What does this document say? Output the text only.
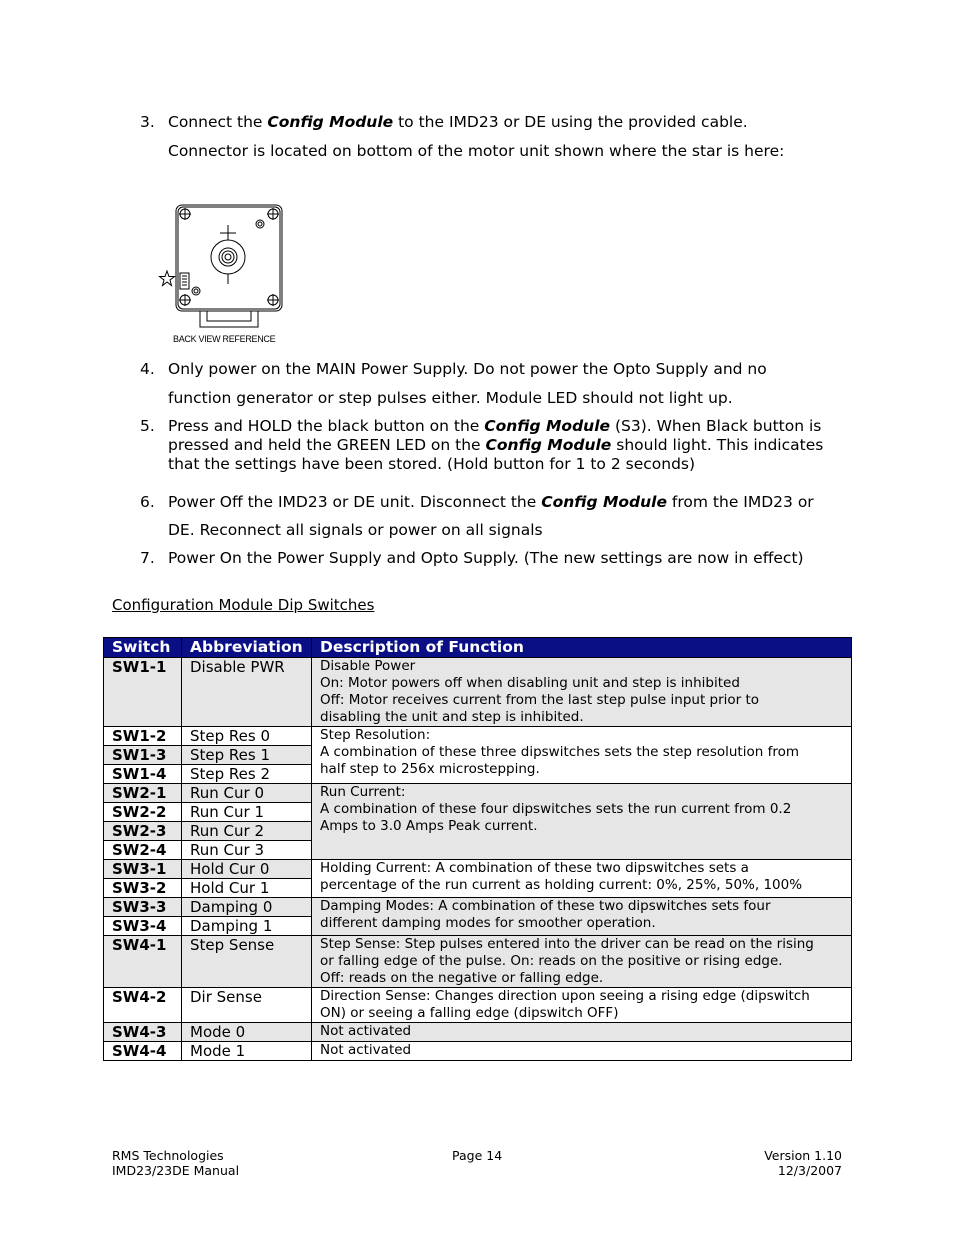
3. Connect the Config Module to the IMD23 or DE using the provided cable.
Connector is located on bottom of the motor unit shown where the star is here:
BACK VIEW REFERENCE
4. Only power on the MAIN Power Supply. Do not power the Opto Supply and no
function generator or step pulses either. Module LED should not light up.
5. Press and HOLD the black button on the Config Module (S3). When Black button is pressed and held the GREEN LED on the Config Module should light. This indicates that the settings have been stored. (Hold button for 1 to 2 seconds)
6. Power Off the IMD23 or DE unit. Disconnect the Config Module from the IMD23 or
DE. Reconnect all signals or power on all signals
7. Power On the Power Supply and Opto Supply. (The new settings are now in effect)
Configuration Module Dip Switches
Switch	Abbreviation	Description of Function
SW1-1	Disable PWR	Disable Power
On: Motor powers off when disabling unit and step is inhibited
Off: Motor receives current from the last step pulse input prior to
disabling the unit and step is inhibited.

SW1-2	Step Res 0	Step Resolution:
A combination of these three dipswitches sets the step resolution from
half step to 256x microstepping.

SW1-3	Step Res 1	
SW1-4	Step Res 2	
SW2-1	Run Cur 0	Run Current:
A combination of these four dipswitches sets the run current from 0.2
Amps to 3.0 Amps Peak current.

SW2-2	Run Cur 1	
SW2-3	Run Cur 2	
SW2-4	Run Cur 3	
SW3-1	Hold Cur 0	Holding Current: A combination of these two dipswitches sets a
percentage of the run current as holding current: 0%, 25%, 50%, 100%

SW3-2	Hold Cur 1	
SW3-3	Damping 0	Damping Modes: A combination of these two dipswitches sets four
different damping modes for smoother operation.

SW3-4	Damping 1	
SW4-1	Step Sense	Step Sense: Step pulses entered into the driver can be read on the rising
or falling edge of the pulse. On: reads on the positive or rising edge.
Off: reads on the negative or falling edge.

SW4-2	Dir Sense	Direction Sense: Changes direction upon seeing a rising edge (dipswitch
ON) or seeing a falling edge (dipswitch OFF)

SW4-3	Mode 0	Not activated
SW4-4	Mode 1	Not activated
RMS Technologies
IMD23/23DE Manual
Page 14	Version 1.10
12/3/2007
